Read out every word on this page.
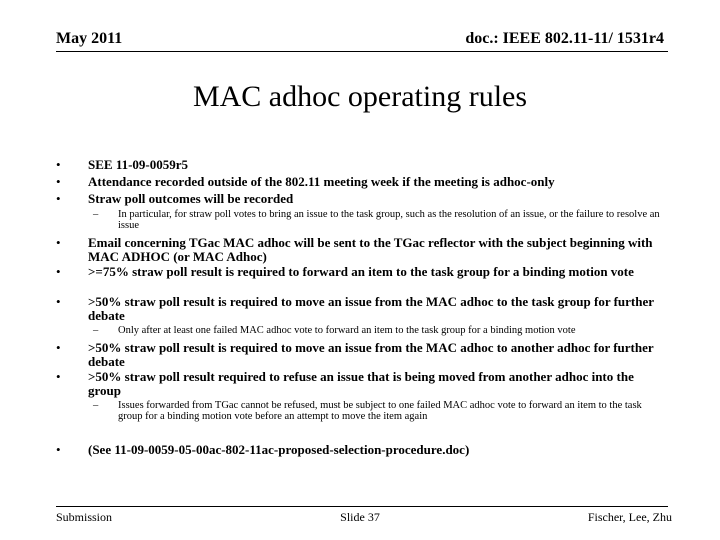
May 2011	doc.: IEEE 802.11-11/ 1531r4
MAC adhoc operating rules
•	SEE 11-09-0059r5
•	Attendance recorded outside of the 802.11 meeting week if the meeting is adhoc-only
•	Straw poll outcomes will be recorded
–	In particular, for straw poll votes to bring an issue to the task group, such as the resolution of an issue, or the failure to resolve an issue
•	Email concerning TGac MAC adhoc will be sent to the TGac reflector with the subject beginning with MAC ADHOC (or MAC Adhoc)
•	>=75% straw poll result is required to forward an item to the task group for a binding motion vote
•	>50% straw poll result is required to move an issue from the MAC adhoc to the task group for further debate
–	Only after at least one failed MAC adhoc vote to forward an item to the task group for a binding motion vote
•	>50% straw poll result is required to move an issue from the MAC adhoc to another adhoc for further debate
•	>50% straw poll result required to refuse an issue that is being moved from another adhoc into the group
–	Issues forwarded from TGac cannot be refused, must be subject to one failed MAC adhoc vote to forward an item to the task group for a binding motion vote before an attempt to move the item again
•	(See 11-09-0059-05-00ac-802-11ac-proposed-selection-procedure.doc)
Submission	Slide 37	Fischer, Lee, Zhu
